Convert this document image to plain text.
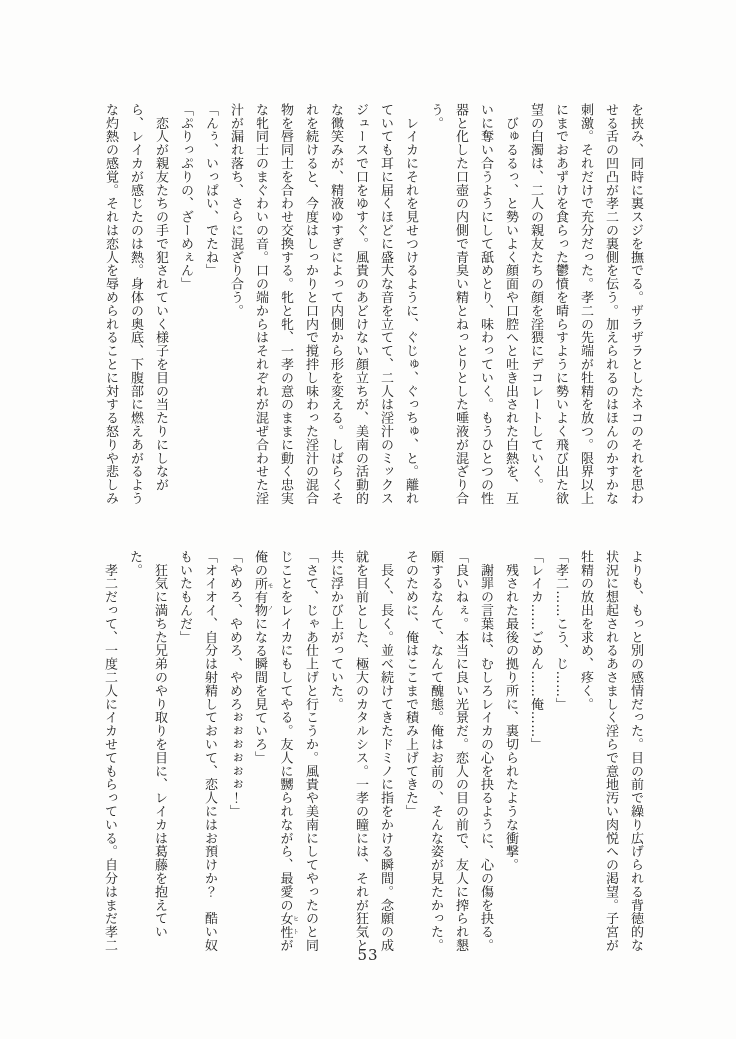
を挟み、同時に裏スジを撫でる。ザラザラとしたネコのそれを思わ

せる舌の凹凸が孝二の裏側を伝う。加えられるのはほんのかすかな

刺激。それだけで充分だった。孝二の先端が牡精を放つ。限界以上

にまでおあずけを食らった鬱憤を晴らすように勢いよく飛び出た欲

望の白濁は、二人の親友たちの顔を淫猥にデコレートしていく。

　びゅるるっ、と勢いよく顔面や口腔へと吐き出された白熱を、互

いに奪い合うようにして舐めとり、味わっていく。もうひとつの性

器と化した口壺の内側で青臭い精とねっとりとした唾液が混ざり合

う。

　レイカにそれを見せつけるように、ぐじゅ、ぐっちゅ、と。離れ

ていても耳に届くほどに盛大な音を立てて、二人は淫汁のミックス

ジュースで口をゆすぐ。風貴のあどけない顔立ちが、美南の活動的

な微笑みが、精液ゆすぎによって内側から形を変える。しばらくそ

れを続けると、今度はしっかりと口内で撹拌し味わった淫汁の混合

物を唇同士を合わせ交換する。牝と牝、一孝の意のままに動く忠実

な牝同士のまぐわいの音。口の端からはそれぞれが混ぜ合わせた淫

汁が漏れ落ち、さらに混ざり合う。

「んぅ、いっぱい、でたね」

「ぷりっぷりの、ざーめぇん」

　恋人が親友たちの手で犯されていく様子を目の当たりにしなが

ら、レイカが感じたのは熱。身体の奥底、下腹部に燃えあがるよう

な灼熱の感覚。それは恋人を辱められることに対する怒りや悲しみ

よりも、もっと別の感情だった。目の前で繰り広げられる背徳的な

状況に想起されるあさましく淫らで意地汚い肉悦への渇望。子宮が

牡精の放出を求め、疼く。

「孝二……こう、じ……」

「レイカ……ごめん……俺……」

　残された最後の拠り所に、裏切られたような衝撃。

　謝罪の言葉は、むしろレイカの心を抉るように、心の傷を抉る。

「良いねぇ。本当に良い光景だ。恋人の目の前で、友人に搾られ懇

願するなんて、なんて醜態。俺はお前の、そんな姿が見たかった。

そのために、俺はここまで積み上げてきた」

　長く、長く。並べ続けてきたドミノに指をかける瞬間。念願の成

就を目前とした、極大のカタルシス。一孝の瞳には、それが狂気と

共に浮かび上がっていた。

「さて、じゃあ仕上げと行こうか。風貴や美南にしてやったのと同

じことをレイカにもしてやる。友人に嬲られながら、最愛の女性 ヒトが

俺の所有物 モノになる瞬間を見ていろ」

「やめろ、やめろ、やめろぉぉぉぉぉぉ！」

「オイオイ、自分は射精しておいて、恋人にはお預けか？　酷い奴

もいたもんだ」

　狂気に満ちた兄弟のやり取りを目に、レイカは葛藤を抱えてい

た。

　孝二だって、一度二人にイカせてもらっている。自分はまだ孝二

53
